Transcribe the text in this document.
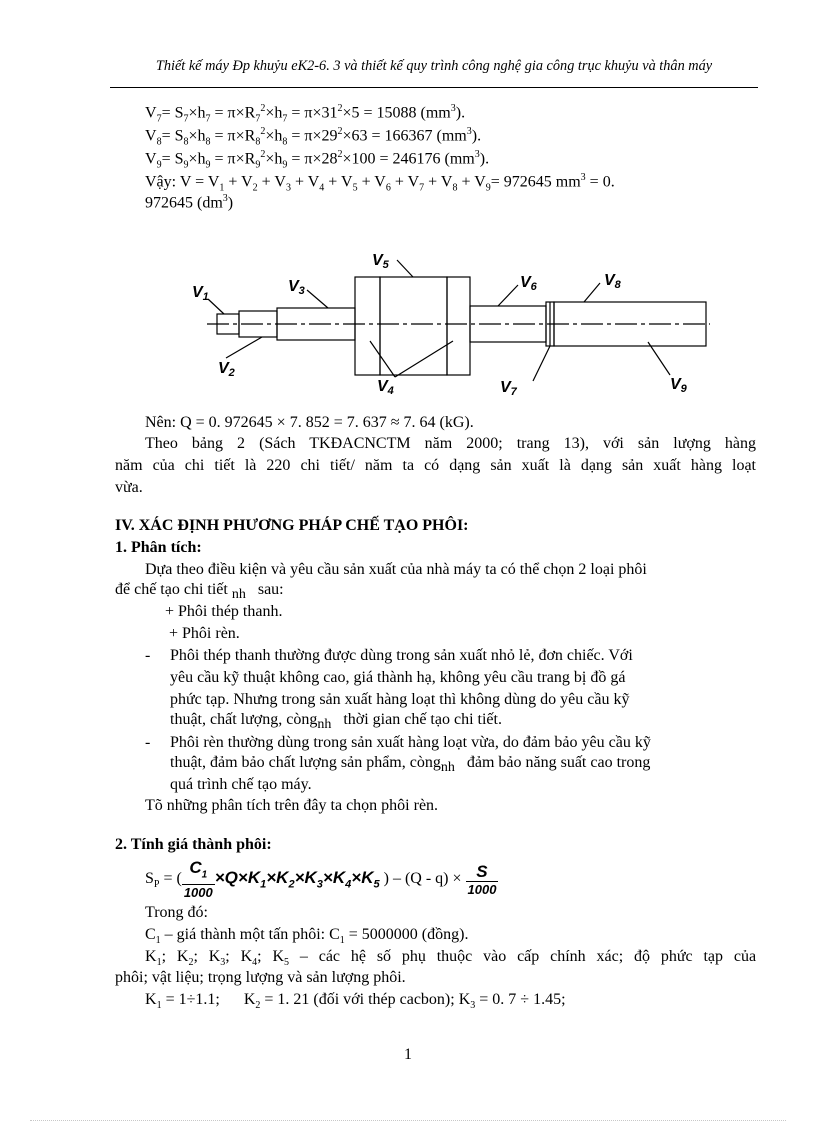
Thiết kế máy Đp khuỷu eK2-6. 3 và thiết kế quy trình công nghệ gia công trục khuỷu và thân máy
$V_7= S_7\times h_7 = \pi\times R_7^2\times h_7 = \pi\times 31^2\times 5 = 15088$ $(mm^3)$.
$V_8= S_8\times h_8 = \pi\times R_8^2\times h_8 = \pi\times 29^2\times 63 = 166367$ $(mm^3)$.
$V_9= S_9\times h_9 = \pi\times R_9^2\times h_9 = \pi\times 28^2\times 100 = 246176$ $(mm^3)$.
Vậy: $V = V_1 + V_2 + V_3 + V_4 + V_5 + V_6 + V_7 + V_8 + V_9= 972645$ $mm^3 = 0$.
972645 $(dm^3)$
V1
V2
V3
V4
V5
V6
V7
V8
V9
Nên: Q = 0. 972645 × 7. 852 = 7. 637 ≈ 7. 64 (kG).
Theo bảng 2 (Sách TKĐACNCTM năm 2000; trang 13), với sản lượng hàng
năm của chi tiết là 220 chi tiết/ năm ta có dạng sản xuất là dạng sản xuất hàng loạt
vừa.
IV. XÁC ĐỊNH PHƯƠNG PHÁP CHẾ TẠO PHÔI:
1. Phân tích:
Dựa theo điều kiện và yêu cầu sản xuất của nhà máy ta có thể chọn 2 loại phôi
để chế tạo chi tiết $_{nh}$ sau:
+ Phôi thép thanh.
+ Phôi rèn.
- Phôi thép thanh thường được dùng trong sản xuất nhỏ lẻ, đơn chiếc. Với
yêu cầu kỹ thuật không cao, giá thành hạ, không yêu cầu trang bị đồ gá
phức tạp. Nhưng trong sản xuất hàng loạt thì không dùng do yêu cầu kỹ
thuật, chất lượng, còng$_{nh}$ thời gian chế tạo chi tiết.
- Phôi rèn thường dùng trong sản xuất hàng loạt vừa, do đảm bảo yêu cầu kỹ
thuật, đảm bảo chất lượng sản phẩm, còng$_{nh}$ đảm bảo năng suất cao trong
quá trình chế tạo máy.
Tõ những phân tích trên đây ta chọn phôi rèn.
2. Tính giá thành phôi:
$S_P$ = ( $\frac{C_1}{1000} \times Q\times K_1\times K_2\times K_3\times K_4\times K_5$ ) – $(Q - q) \times \frac{S}{1000}$
Trong đó:
$C_1$ – giá thành một tấn phôi: $C_1 = 5000000$ (đồng).
$K_1$; $K_2$; $K_3$; $K_4$; $K_5$ – các hệ số phụ thuộc vào cấp chính xác; độ phức tạp của
phôi; vật liệu; trọng lượng và sản lượng phôi.
$K_1 = 1\div 1.1$; $K_2 = 1$. 21 (đối với thép cacbon); $K_3 = 0$. 7 ÷ 1.45;
1
